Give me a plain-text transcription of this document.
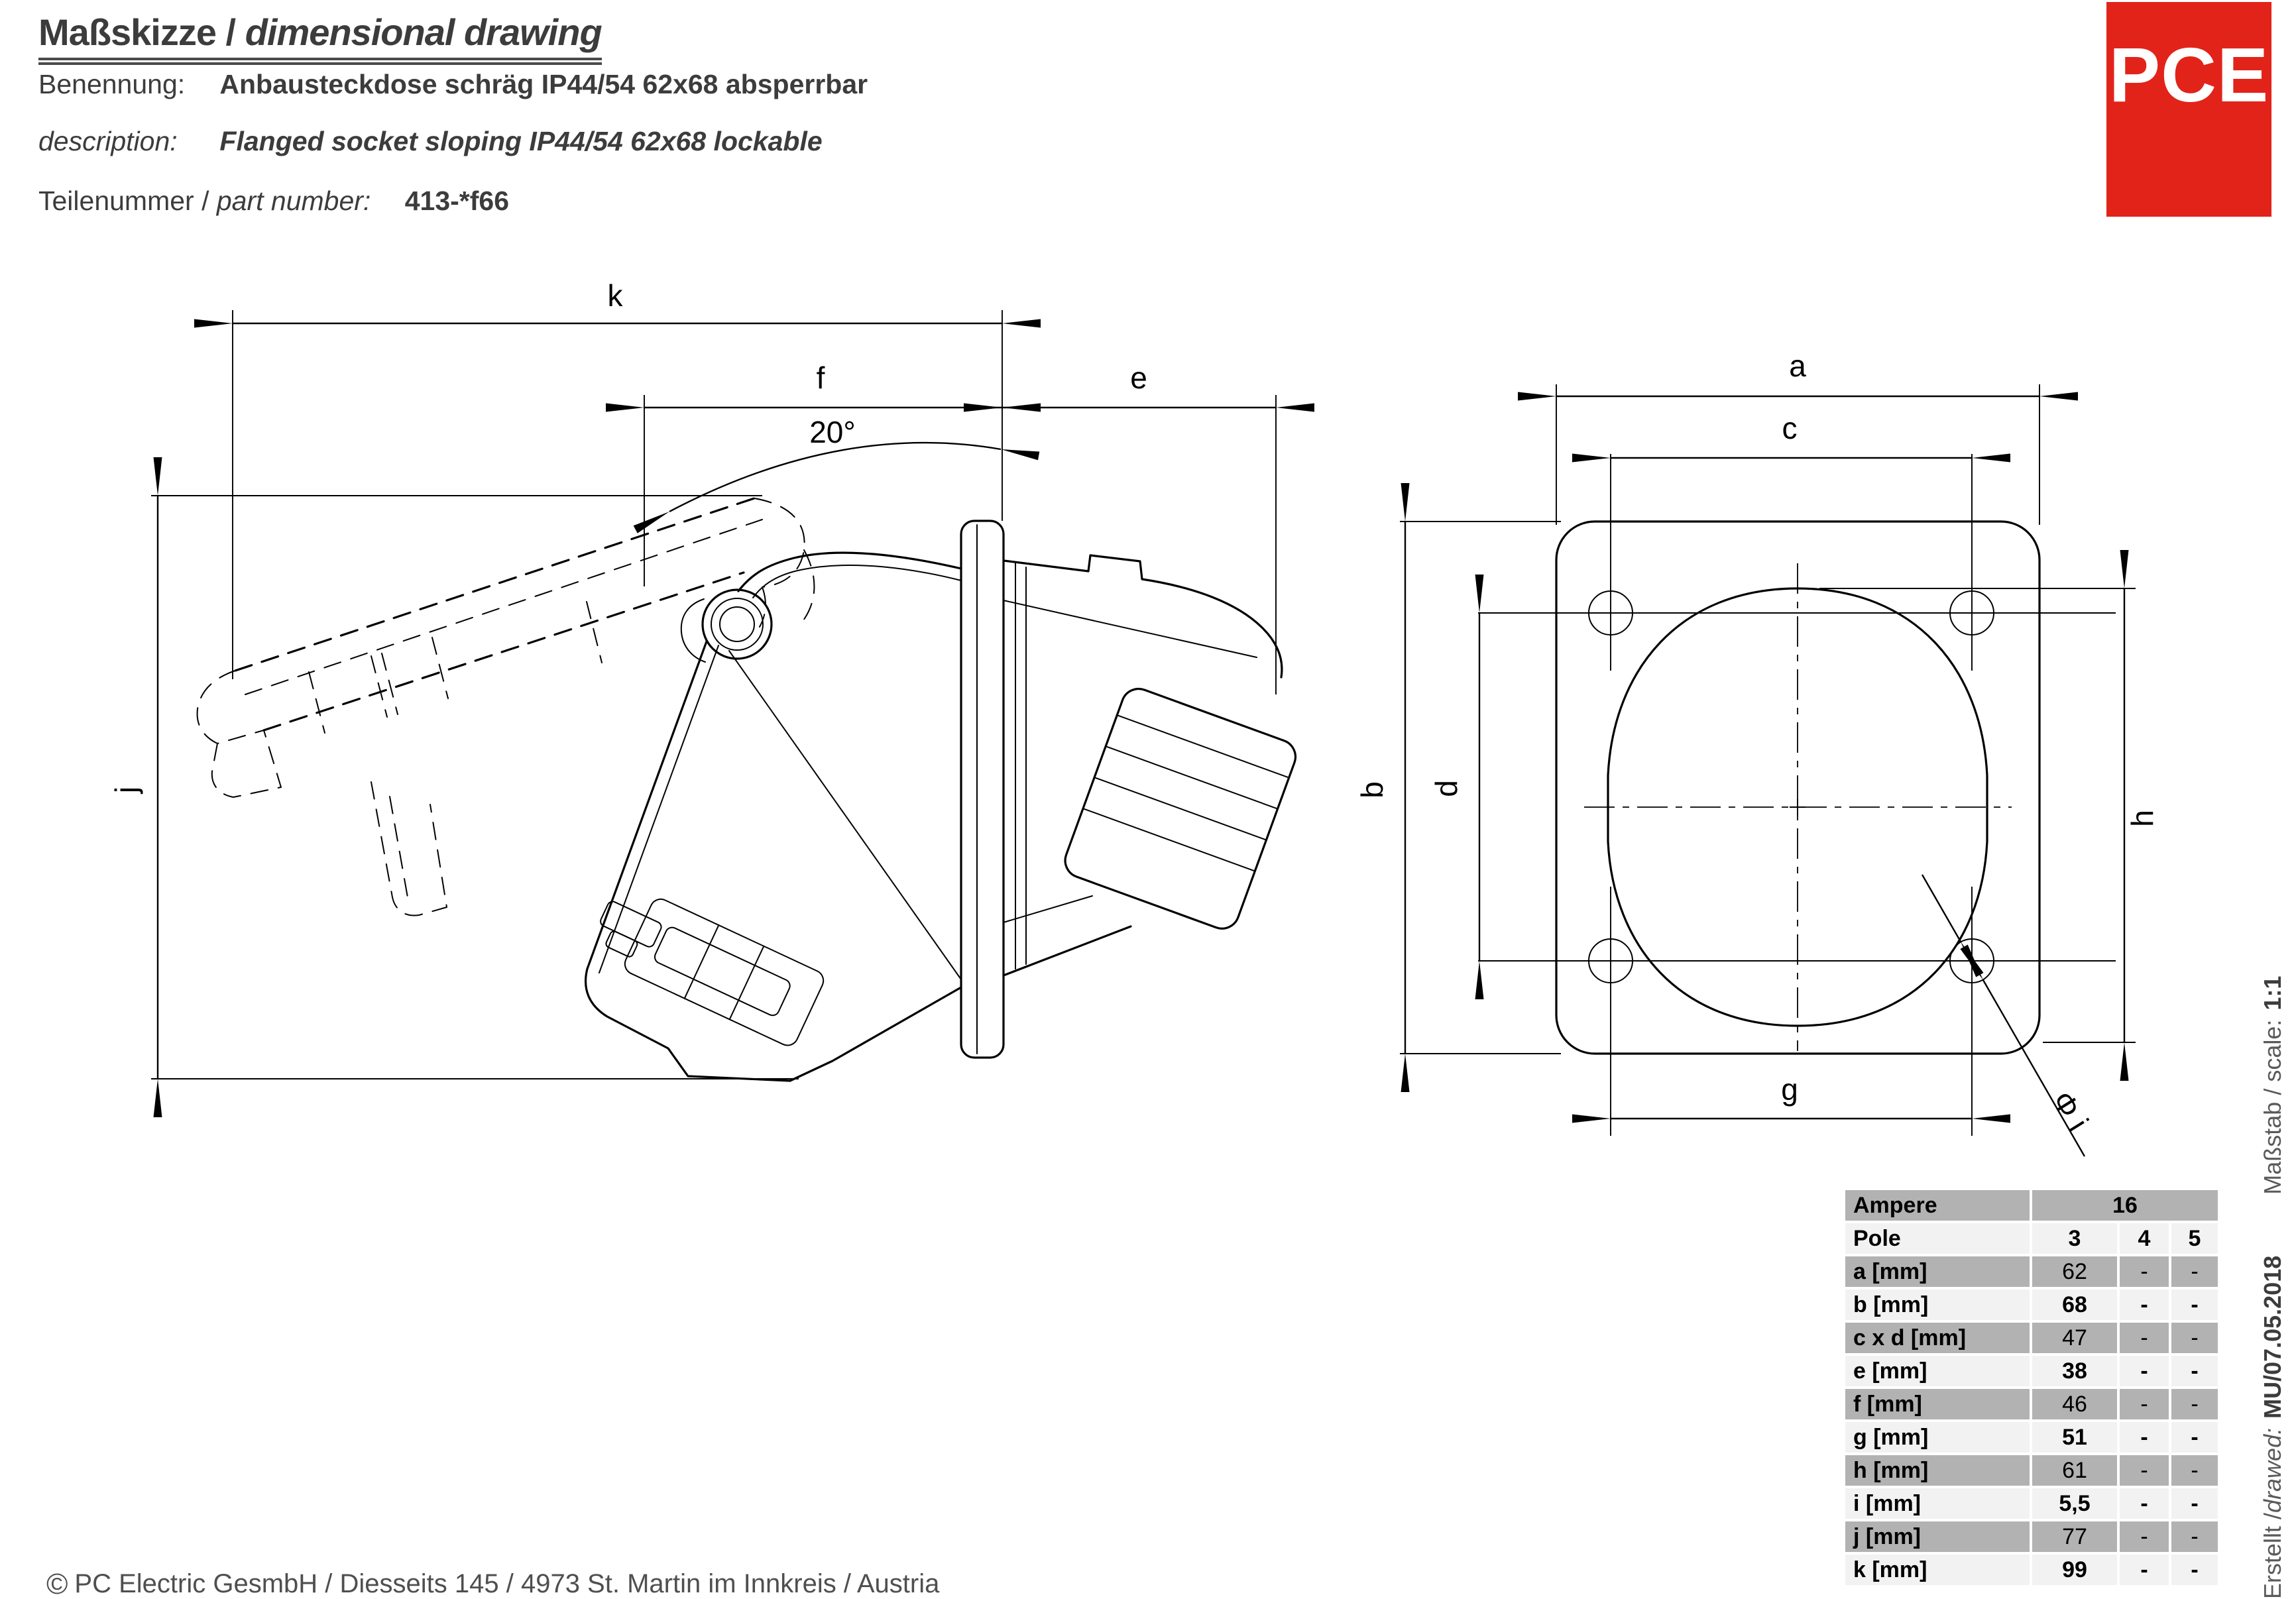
Maßskizze / dimensional drawing
Benennung: Anbausteckdose schräg IP44/54 62x68 absperrbar
description: Flanged socket sloping IP44/54 62x68 lockable
Teilenummer / part number: 413-*f66
PCE
k
f	e
20°
j
a
c
b d
h
g	Φ i
Ampere	16
Pole	3	4	5
a [mm]	62	-	-
b [mm]	68	-	-
c x d [mm]	47	-	-
e [mm]	38	-	-
f [mm]	46	-	-
g [mm]	51	-	-
h [mm]	61	-	-
i [mm]	5,5	-	-
j [mm]	77	-	-
k [mm]	99	-	-	Erstellt /
drawed:
MU/07.05.2018
Maßstab / scale:
1:1
© PC Electric GesmbH / Diesseits 145 / 4973 St. Martin im Innkreis / Austria
